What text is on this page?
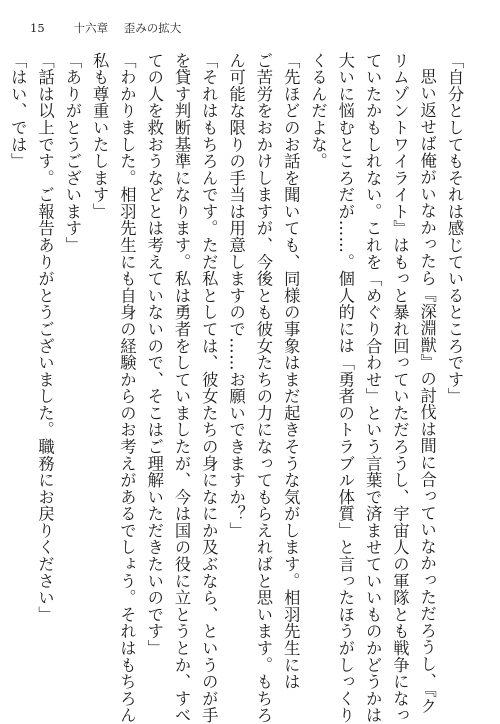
15	十六章 歪みの拡大
「自分としてもそれは感じているところです」
思い返せば俺がいなかったら『深淵獣』の討伐は間に合っていなかっただろうし、『ク
リムゾントワイライト』はもっと暴れ回っていただろうし、宇宙人の軍隊とも戦争になっ
ていたかもしれない。これを「めぐり合わせ」という言葉で済ませていいものかどうかは
大いに悩むところだが……。個人的には「勇者のトラブル体質」と言ったほうがしっくり
くるんだよな。
「先ほどのお話を聞いても、同様の事象はまだ起きそうな気がします。相羽先生には
ご苦労をおかけしますが、今後とも彼女たちの力になってもらえればと思います。もちろ
ん可能な限りの手当は用意しますので……お願いできますか？」
「それはもちろんです。ただ私としては、彼女たちの身になにか及ぶなら、というのが手
を貸す判断基準になります。私は勇者をしていましたが、今は国の役に立とうとか、すべ
ての人を救おうなどとは考えていないので、そこはご理解いただきたいのです」
「わかりました。相羽先生にも自身の経験からのお考えがあるでしょう。それはもちろん
私も尊重いたします」
「ありがとうございます」
「話は以上です。ご報告ありがとうございました。職務にお戻りください」
「はい、では」
